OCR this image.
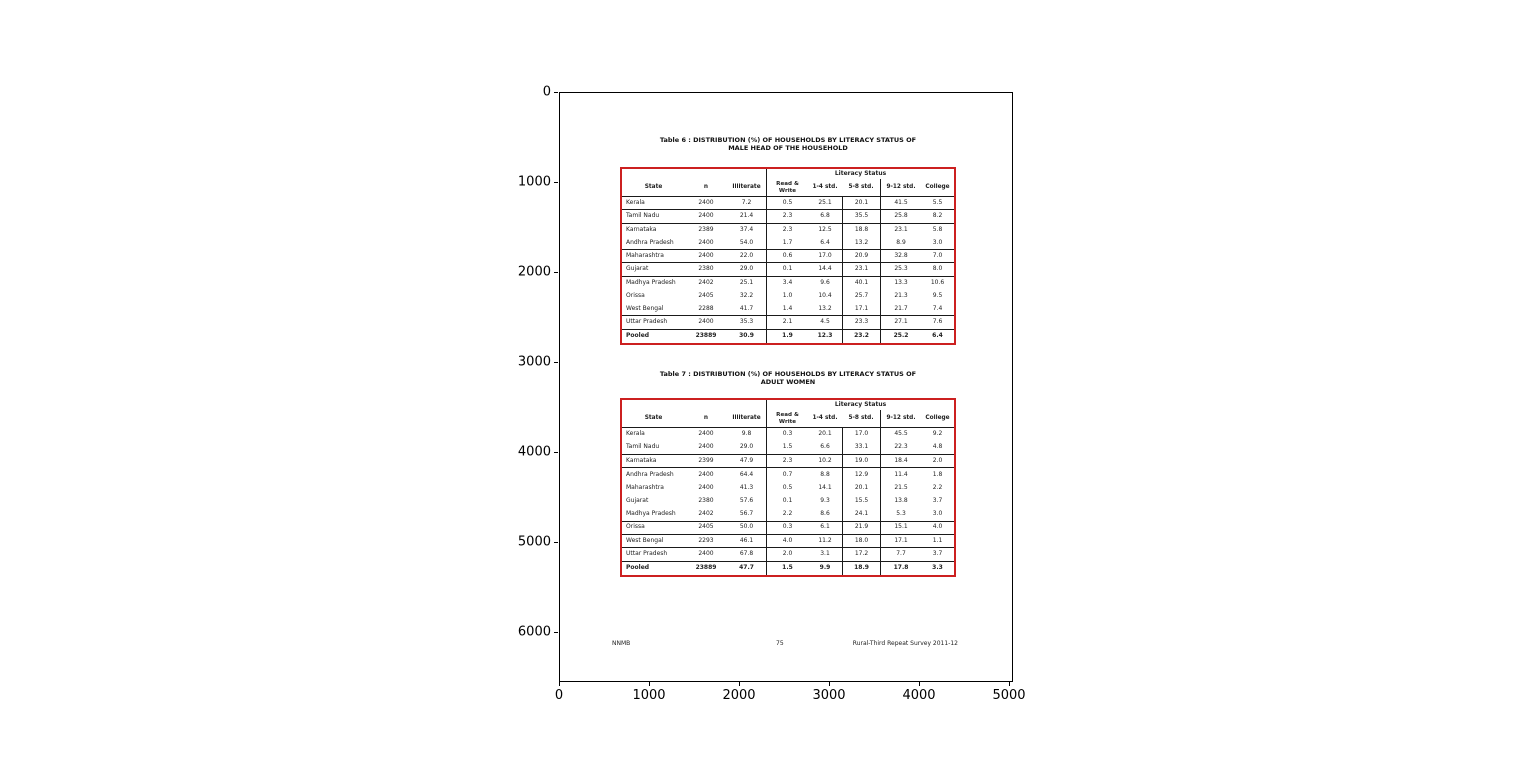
0	1000	2000	3000	4000	5000
0
1000
2000
3000
4000
5000
6000
Table 6 : DISTRIBUTION (%) OF HOUSEHOLDS BY LITERACY STATUS OF
MALE HEAD OF THE HOUSEHOLD
Literacy Status
State	n	Illiterate
Read & Write
1-4 std.	5-8 std.	9-12 std.	College
Kerala	2400	7.2	0.5	25.1	20.1	41.5	5.5
Tamil Nadu	2400	21.4	2.3	6.8	35.5	25.8	8.2
Karnataka	2389	37.4	2.3	12.5	18.8	23.1	5.8
Andhra Pradesh	2400	54.0	1.7	6.4	13.2	8.9	3.0
Maharashtra	2400	22.0	0.6	17.0	20.9	32.8	7.0
Gujarat	2380	29.0	0.1	14.4	23.1	25.3	8.0
Madhya Pradesh	2402	25.1	3.4	9.6	40.1	13.3	10.6
Orissa	2405	32.2	1.0	10.4	25.7	21.3	9.5
West Bengal	2288	41.7	1.4	13.2	17.1	21.7	7.4
Uttar Pradesh	2400	35.3	2.1	4.5	23.3	27.1	7.6
Pooled	23889	30.9	1.9	12.3	23.2	25.2	6.4
Table 7 : DISTRIBUTION (%) OF HOUSEHOLDS BY LITERACY STATUS OF
ADULT WOMEN
Literacy Status
State	n	Illiterate
Read & Write
1-4 std.	5-8 std.	9-12 std.	College
Kerala	2400	9.8	0.3	20.1	17.0	45.5	9.2
Tamil Nadu	2400	29.0	1.5	6.6	33.1	22.3	4.8
Karnataka	2399	47.9	2.3	10.2	19.0	18.4	2.0
Andhra Pradesh	2400	64.4	0.7	8.8	12.9	11.4	1.8
Maharashtra	2400	41.3	0.5	14.1	20.1	21.5	2.2
Gujarat	2380	57.6	0.1	9.3	15.5	13.8	3.7
Madhya Pradesh	2402	56.7	2.2	8.6	24.1	5.3	3.0
Orissa	2405	50.0	0.3	6.1	21.9	15.1	4.0
West Bengal	2293	46.1	4.0	11.2	18.0	17.1	1.1
Uttar Pradesh	2400	67.8	2.0	3.1	17.2	7.7	3.7
Pooled	23889	47.7	1.5	9.9	18.9	17.8	3.3
NNMB	75	Rural-Third Repeat Survey 2011-12
